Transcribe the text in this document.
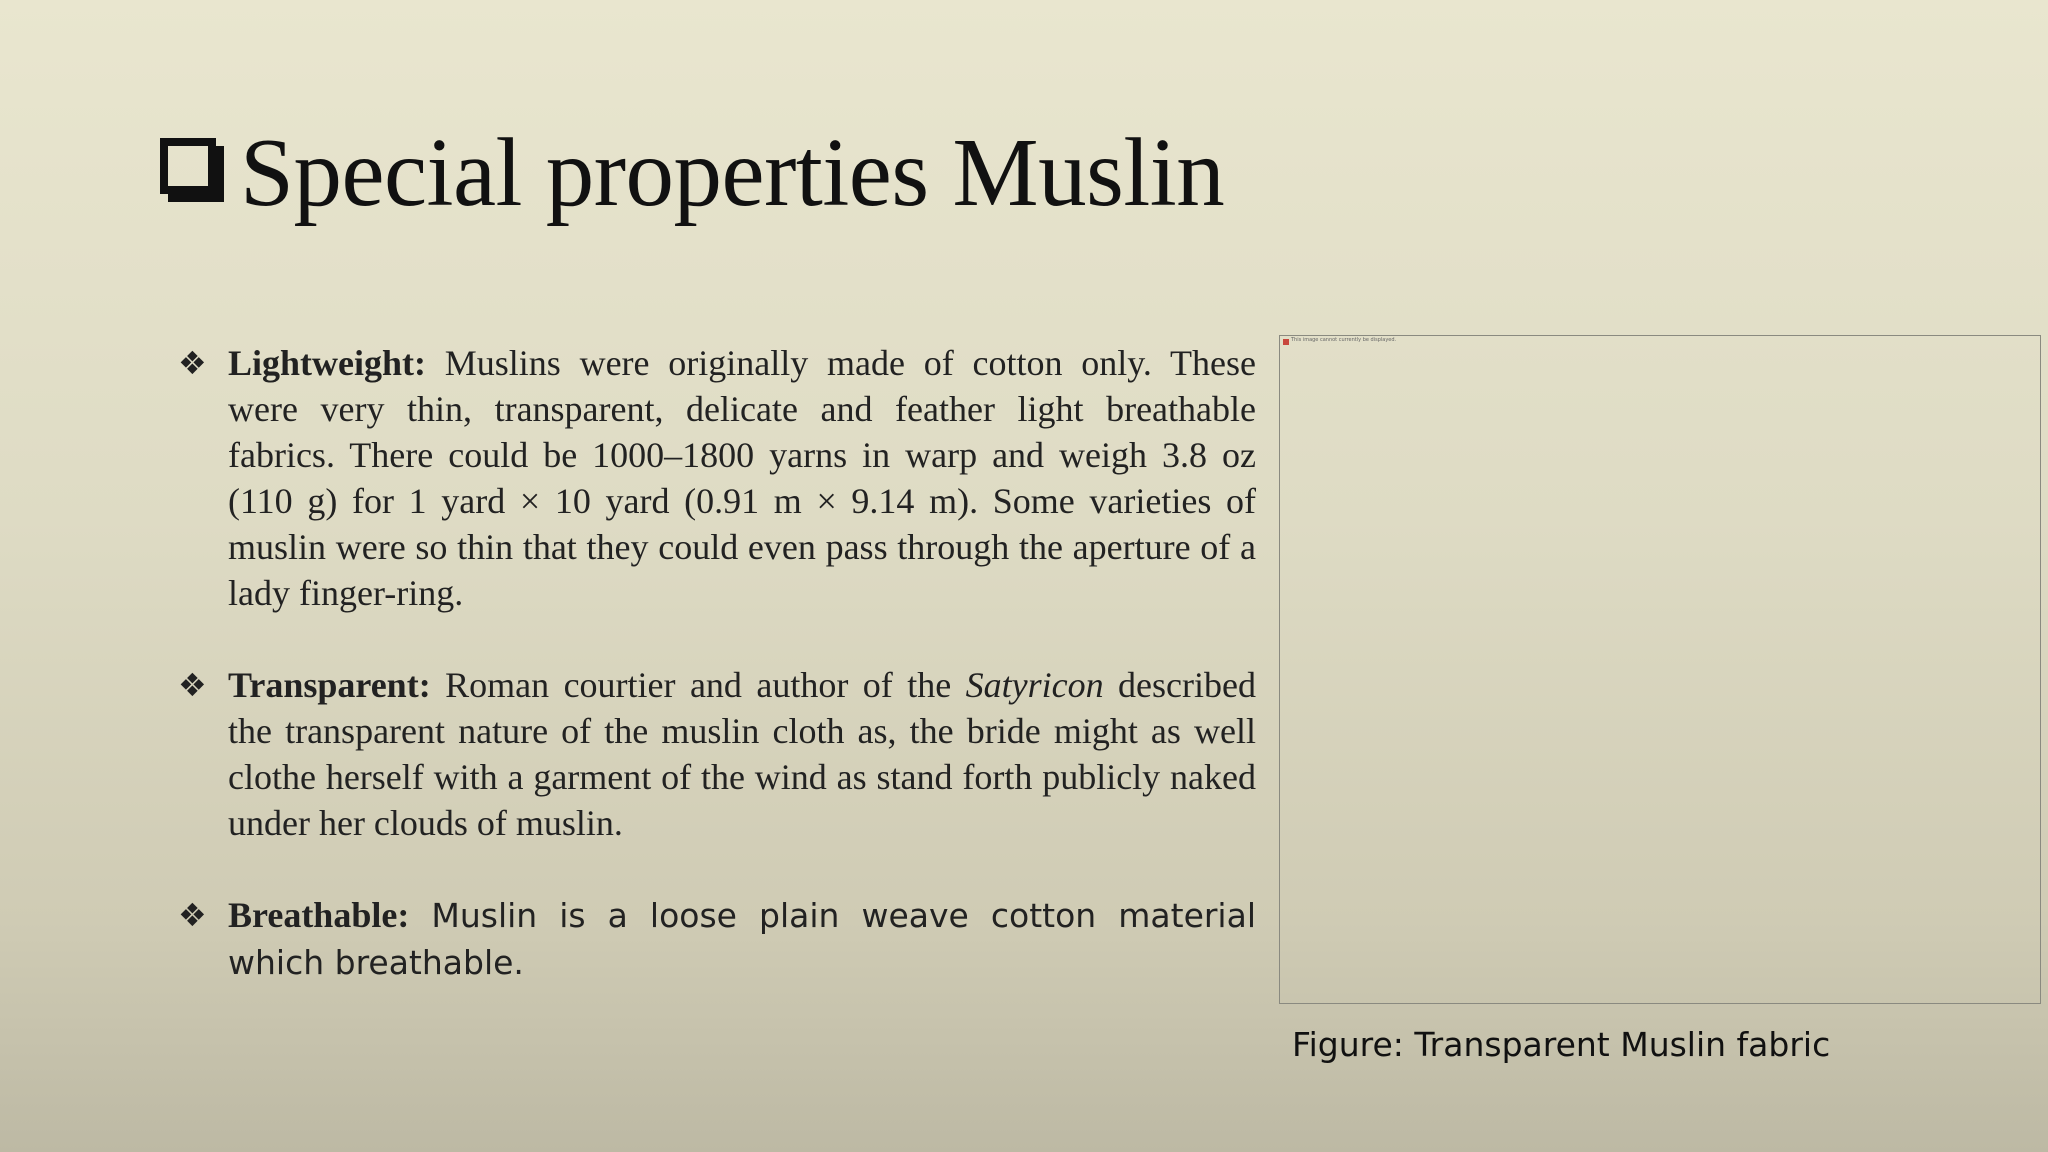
Special properties Muslin
❖ Lightweight: Muslins were originally made of cotton only. These were very thin, transparent, delicate and feather light breathable fabrics. There could be 1000–1800 yarns in warp and weigh 3.8 oz (110 g) for 1 yard × 10 yard (0.91 m × 9.14 m). Some varieties of muslin were so thin that they could even pass through the aperture of a lady finger-ring.
❖ Transparent: Roman courtier and author of the Satyricon described the transparent nature of the muslin cloth as, the bride might as well clothe herself with a garment of the wind as stand forth publicly naked under her clouds of muslin.
❖ Breathable: Muslin is a loose plain weave cotton material which breathable.
This image cannot currently be displayed.
Figure: Transparent Muslin fabric
